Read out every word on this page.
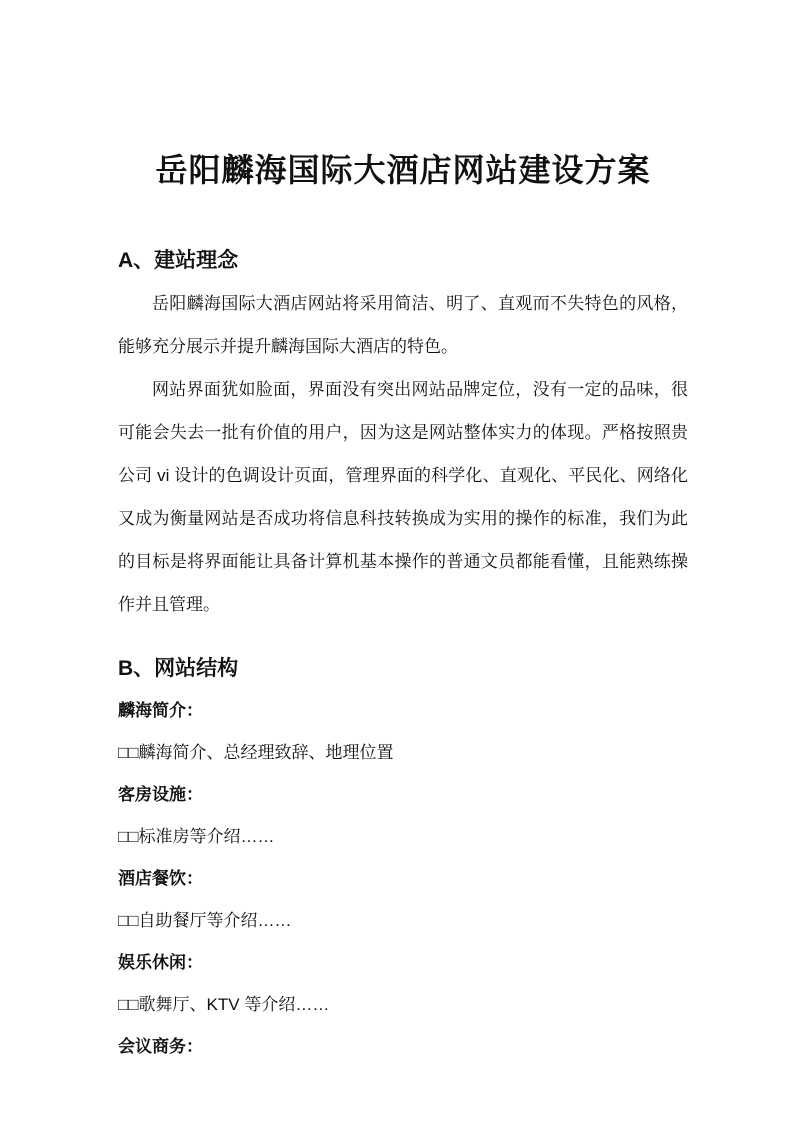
岳阳麟海国际大酒店网站建设方案
A、建站理念

岳阳麟海国际大酒店网站将采用简洁、明了、直观而不失特色的风格，能够充分展示并提升麟海国际大酒店的特色。

网站界面犹如脸面，界面没有突出网站品牌定位，没有一定的品味，很可能会失去一批有价值的用户，因为这是网站整体实力的体现。严格按照贵公司 vi 设计的色调设计页面，管理界面的科学化、直观化、平民化、网络化又成为衡量网站是否成功将信息科技转换成为实用的操作的标准，我们为此的目标是将界面能让具备计算机基本操作的普通文员都能看懂，且能熟练操作并且管理。

B、网站结构

麟海简介：

□□麟海简介、总经理致辞、地理位置

客房设施：

□□标准房等介绍……

酒店餐饮：

□□自助餐厅等介绍……

娱乐休闲：

□□歌舞厅、KTV 等介绍……

会议商务：
